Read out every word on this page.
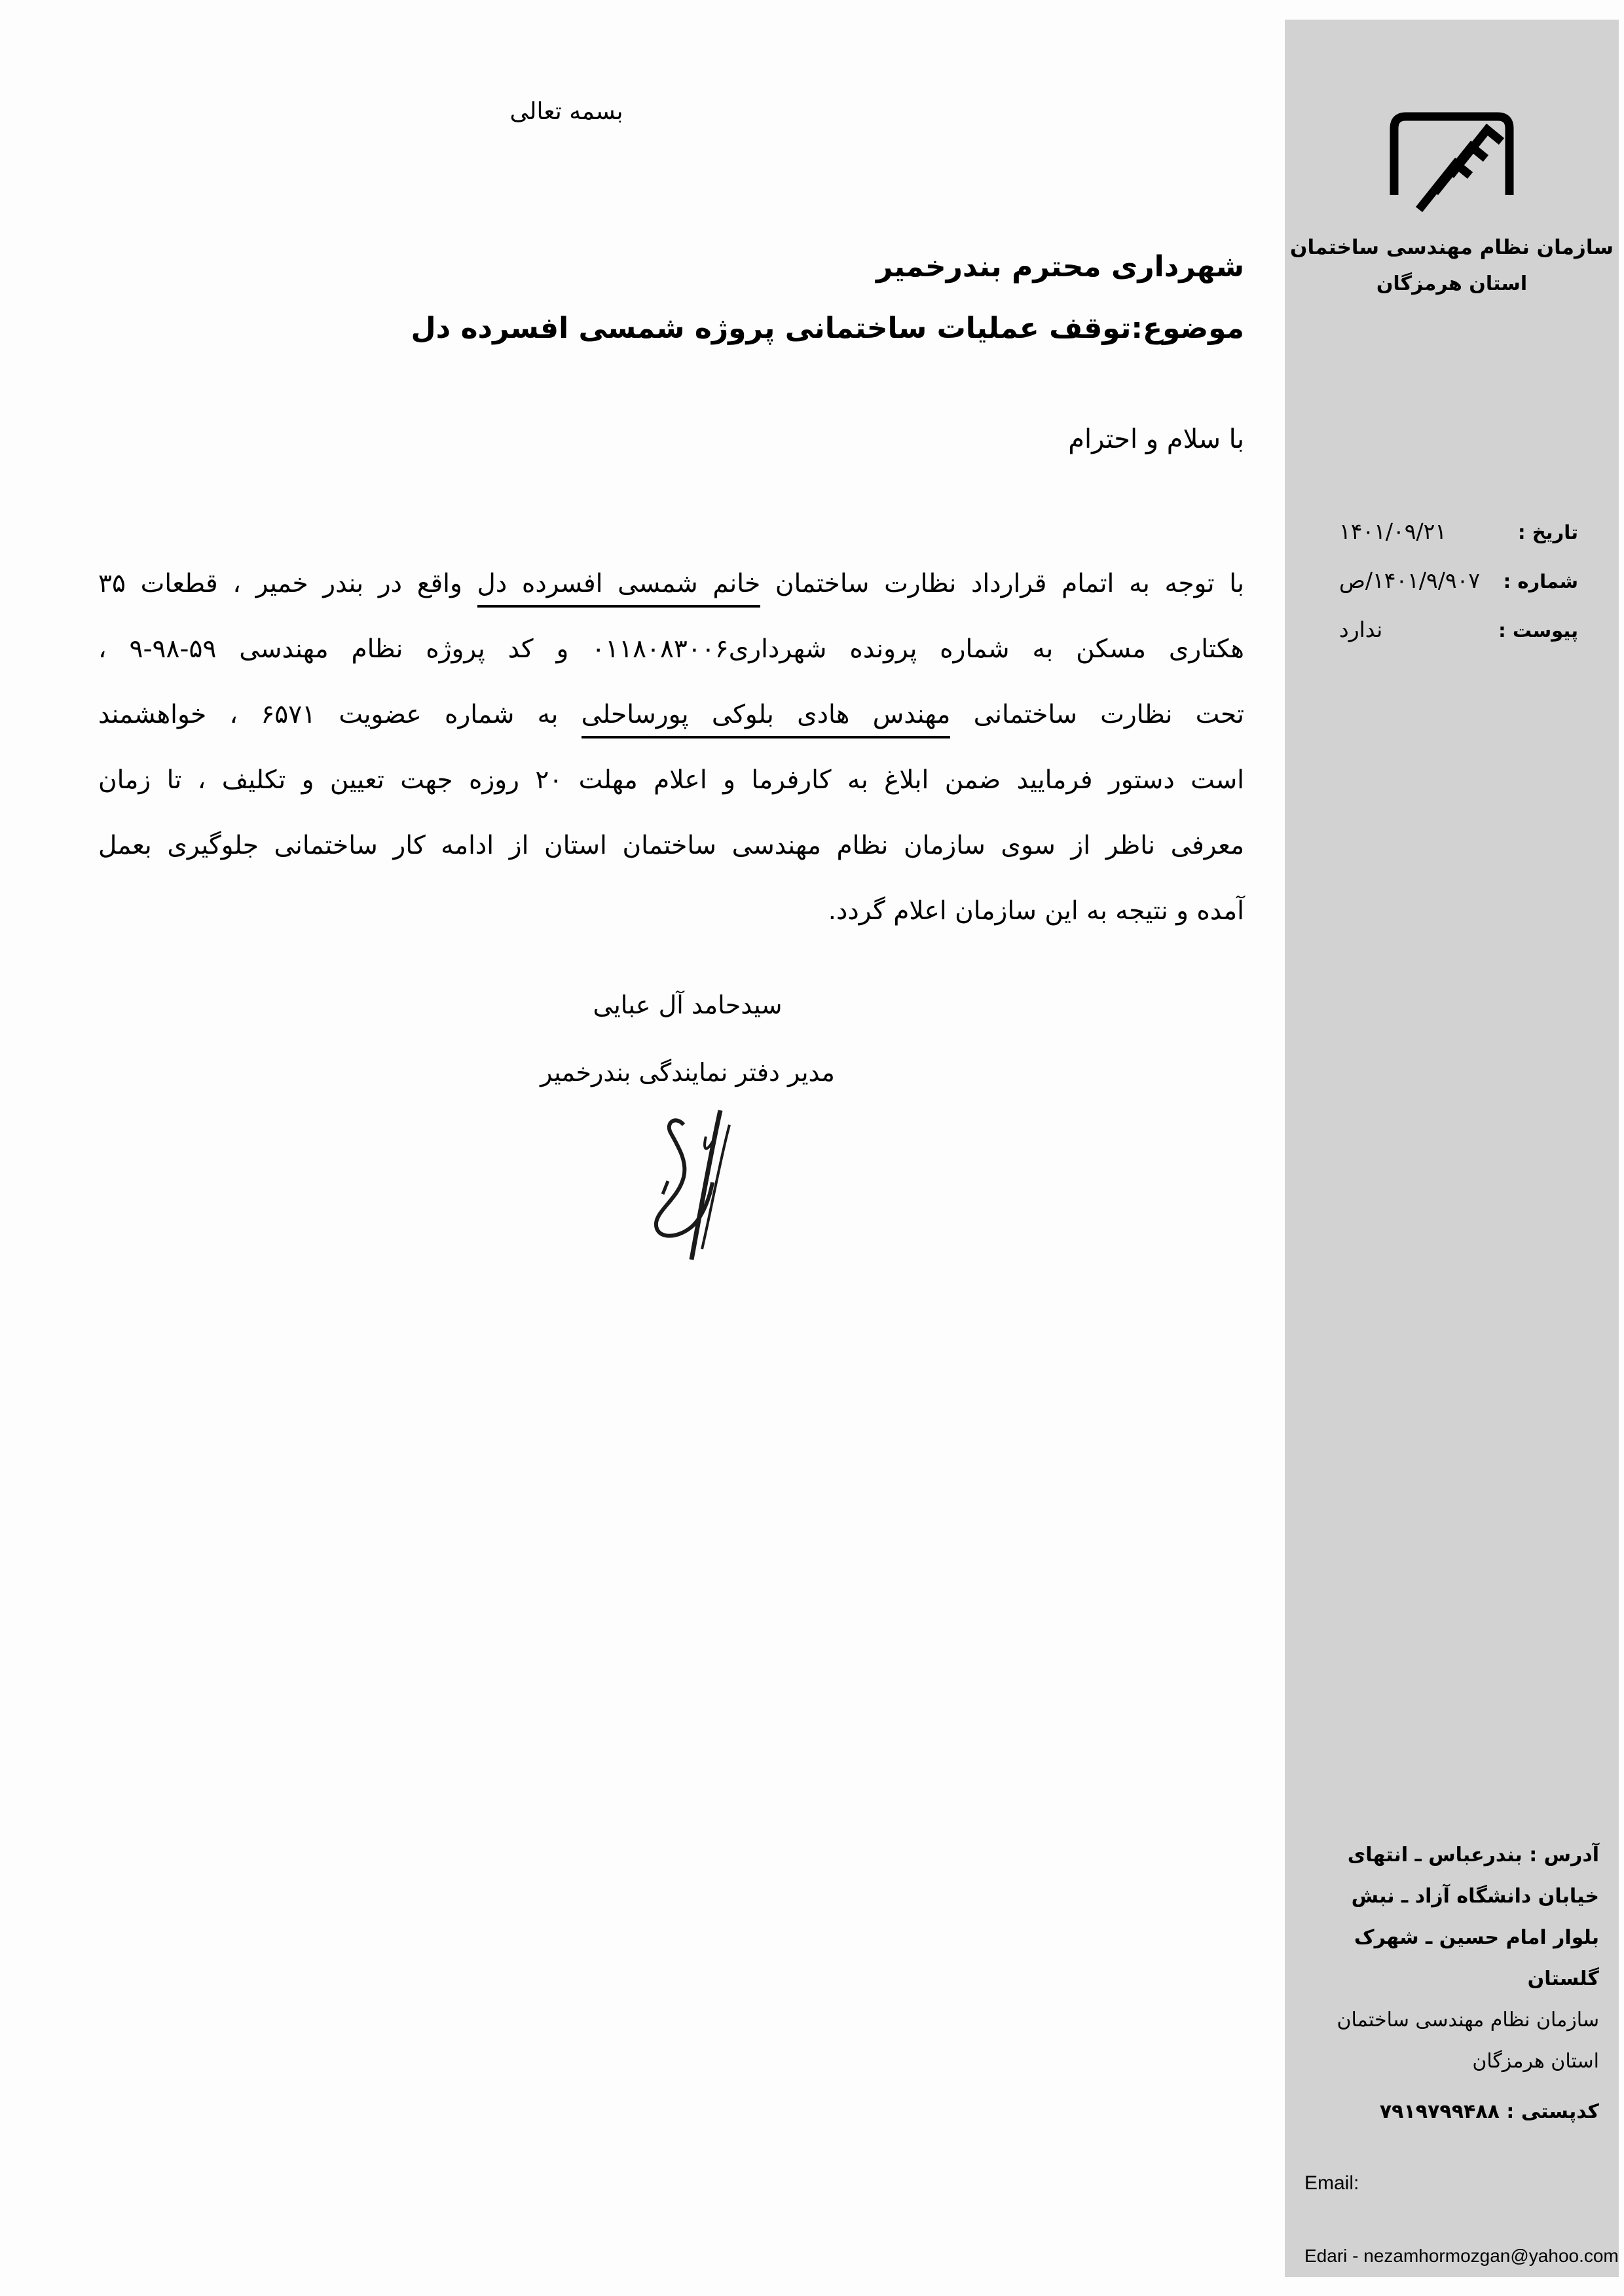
بسمه تعالی
شهرداری محترم بندرخمیر
موضوع:توقف عملیات ساختمانی پروژه شمسی افسرده دل
با سلام و احترام
با توجه به اتمام قرارداد نظارت ساختمان خانم شمسی افسرده دل واقع در بندر خمیر ، قطعات ۳۵
هکتاری مسکن به شماره پرونده شهرداری۰۱۱۸۰۸۳۰۰۶ و کد پروژه نظام مهندسی ۵۹-۹۸-۹ ،
تحت نظارت ساختمانی مهندس هادی بلوکی پورساحلی به شماره عضویت ۶۵۷۱ ، خواهشمند
است دستور فرمایید ضمن ابلاغ به کارفرما و اعلام مهلت ۲۰ روزه جهت تعیین و تکلیف ، تا زمان
معرفی ناظر از سوی سازمان نظام مهندسی ساختمان استان از ادامه کار ساختمانی جلوگیری بعمل
آمده و نتیجه به این سازمان اعلام گردد.
سیدحامد آل عبایی
مدیر دفتر نمایندگی بندرخمیر
سازمان نظام مهندسی ساختمان
استان هرمزگان
تاریخ :
۱۴۰۱/۰۹/۲۱
شماره :
۱۴۰۱/۹/۹۰۷/ص
پیوست :
ندارد
آدرس : بندرعباس ـ انتهای
خیابان دانشگاه آزاد ـ نبش
بلوار امام حسین ـ شهرک
گلستان
سازمان نظام مهندسی ساختمان
استان هرمزگان
کدپستی : ۷۹۱۹۷۹۹۴۸۸
Email:
Edari - nezamhormozgan@yahoo.com
